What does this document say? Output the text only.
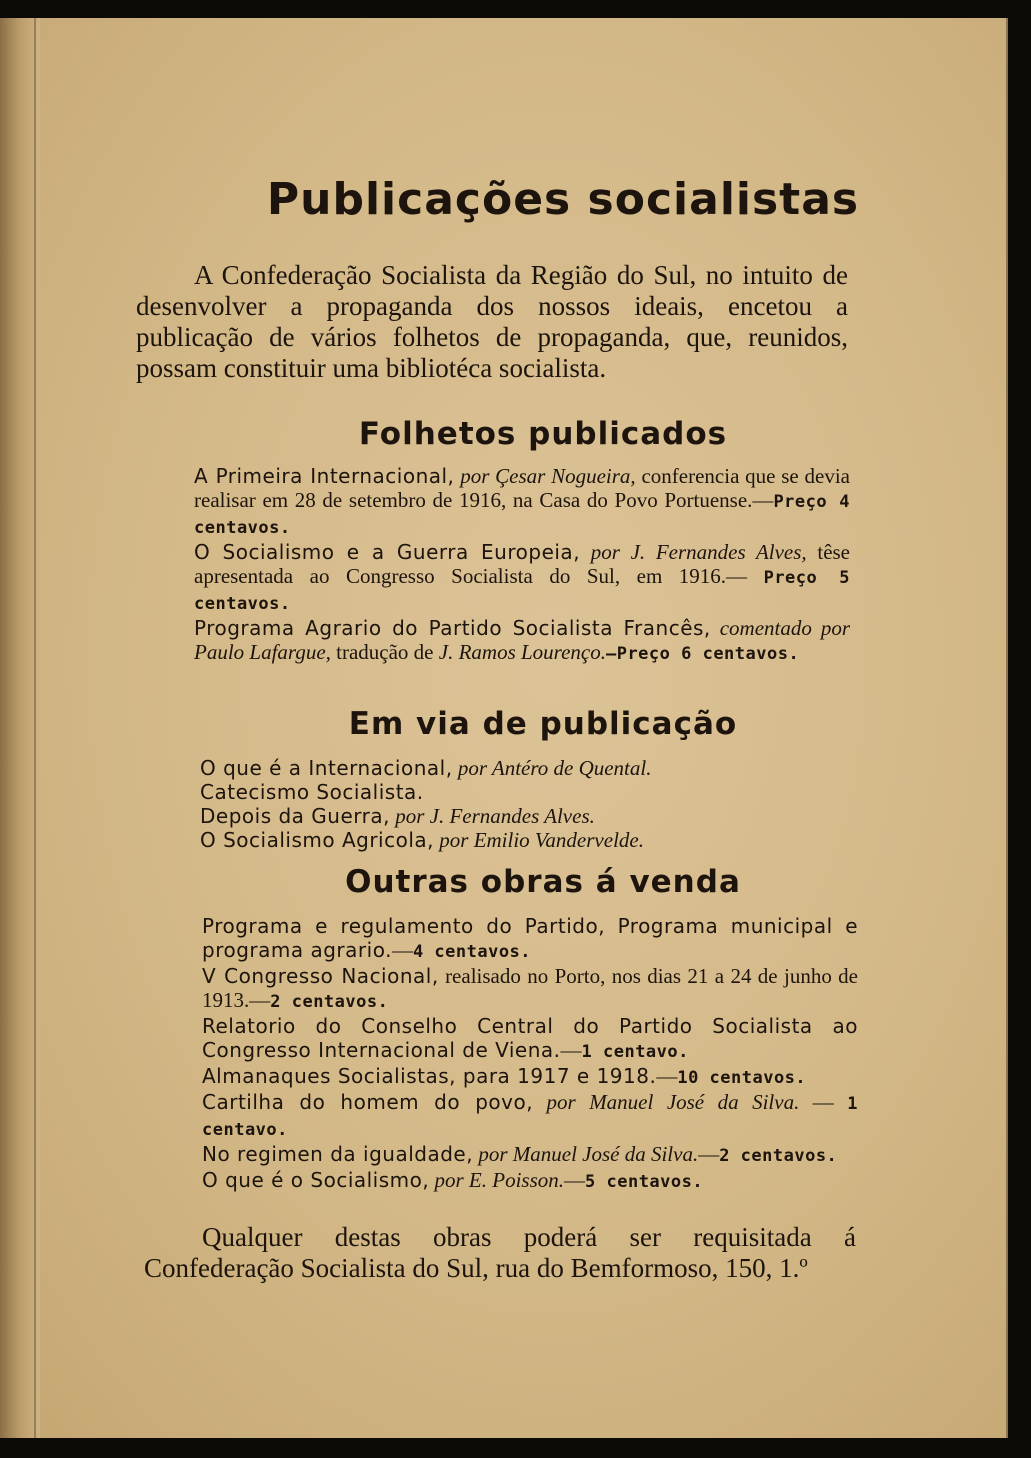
Publicações socialistas

A Confederação Socialista da Região do Sul, no intuito de desenvolver a propaganda dos nossos ideais, encetou a publicação de vários folhetos de propaganda, que, reunidos, possam constituir uma bibliotéca socialista.

Folhetos publicados
A Primeira Internacional, por Çesar Nogueira, conferencia que se devia realisar em 28 de setembro de 1916, na Casa do Povo Portuense.—Preço 4 centavos.
O Socialismo e a Guerra Europeia, por J. Fernandes Alves, têse apresentada ao Congresso Socialista do Sul, em 1916.— Preço 5 centavos.
Programa Agrario do Partido Socialista Francês, comentado por Paulo Lafargue, tradução de J. Ramos Lourenço.—Preço 6 centavos.
Em via de publicação
O que é a Internacional, por Antéro de Quental.
Catecismo Socialista.
Depois da Guerra, por J. Fernandes Alves.
O Socialismo Agricola, por Emilio Vandervelde.
Outras obras á venda
Programa e regulamento do Partido, Programa municipal e programa agrario.—4 centavos.
V Congresso Nacional, realisado no Porto, nos dias 21 a 24 de junho de 1913.—2 centavos.
Relatorio do Conselho Central do Partido Socialista ao Congresso Internacional de Viena.—1 centavo.
Almanaques Socialistas, para 1917 e 1918.—10 centavos.
Cartilha do homem do povo, por Manuel José da Silva. — 1 centavo.
No regimen da igualdade, por Manuel José da Silva.—2 centavos.
O que é o Socialismo, por E. Poisson.—5 centavos.

Qualquer destas obras poderá ser requisitada á Confederação Socialista do Sul, rua do Bemformoso, 150, 1.º
